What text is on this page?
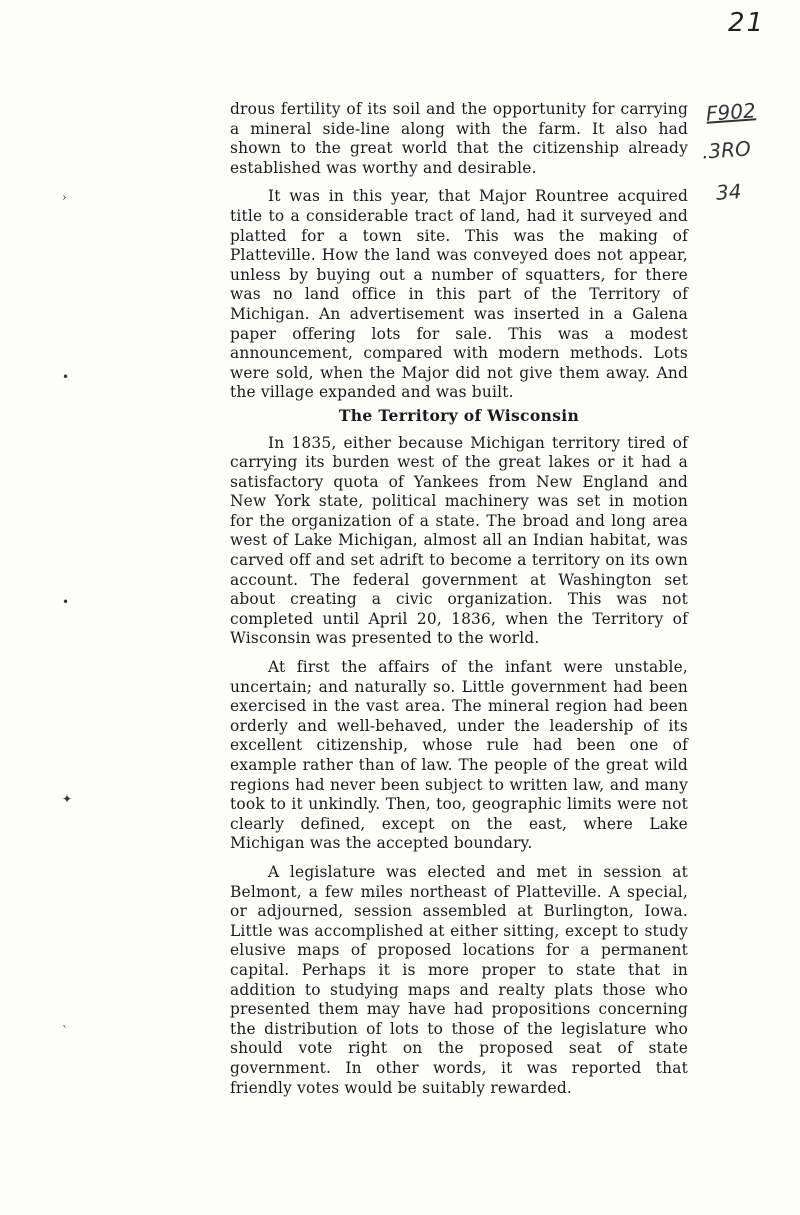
21
F902
.3RO
34
›
•
•
✦
`

drous fertility of its soil and the opportunity for carrying a mineral side-line along with the farm. It also had shown to the great world that the citizenship already established was worthy and desirable.

It was in this year, that Major Rountree acquired title to a considerable tract of land, had it surveyed and platted for a town site. This was the making of Platteville. How the land was conveyed does not appear, unless by buying out a number of squatters, for there was no land office in this part of the Territory of Michigan. An advertisement was inserted in a Galena paper offering lots for sale. This was a modest announcement, compared with modern methods. Lots were sold, when the Major did not give them away. And the village expanded and was built.

The Territory of Wisconsin

In 1835, either because Michigan territory tired of carrying its burden west of the great lakes or it had a satisfactory quota of Yankees from New England and New York state, political machinery was set in motion for the organization of a state. The broad and long area west of Lake Michigan, almost all an Indian habitat, was carved off and set adrift to become a territory on its own account. The federal government at Washington set about creating a civic organization. This was not completed until April 20, 1836, when the Territory of Wisconsin was presented to the world.

At first the affairs of the infant were unstable, uncertain; and naturally so. Little government had been exercised in the vast area. The mineral region had been orderly and well-behaved, under the leadership of its excellent citizenship, whose rule had been one of example rather than of law. The people of the great wild regions had never been subject to written law, and many took to it unkindly. Then, too, geographic limits were not clearly defined, except on the east, where Lake Michigan was the accepted boundary.

A legislature was elected and met in session at Belmont, a few miles northeast of Platteville. A special, or adjourned, session assembled at Burlington, Iowa. Little was accomplished at either sitting, except to study elusive maps of proposed locations for a permanent capital. Perhaps it is more proper to state that in addition to studying maps and realty plats those who presented them may have had propositions concerning the distribution of lots to those of the legislature who should vote right on the proposed seat of state government. In other words, it was reported that friendly votes would be suitably rewarded.
